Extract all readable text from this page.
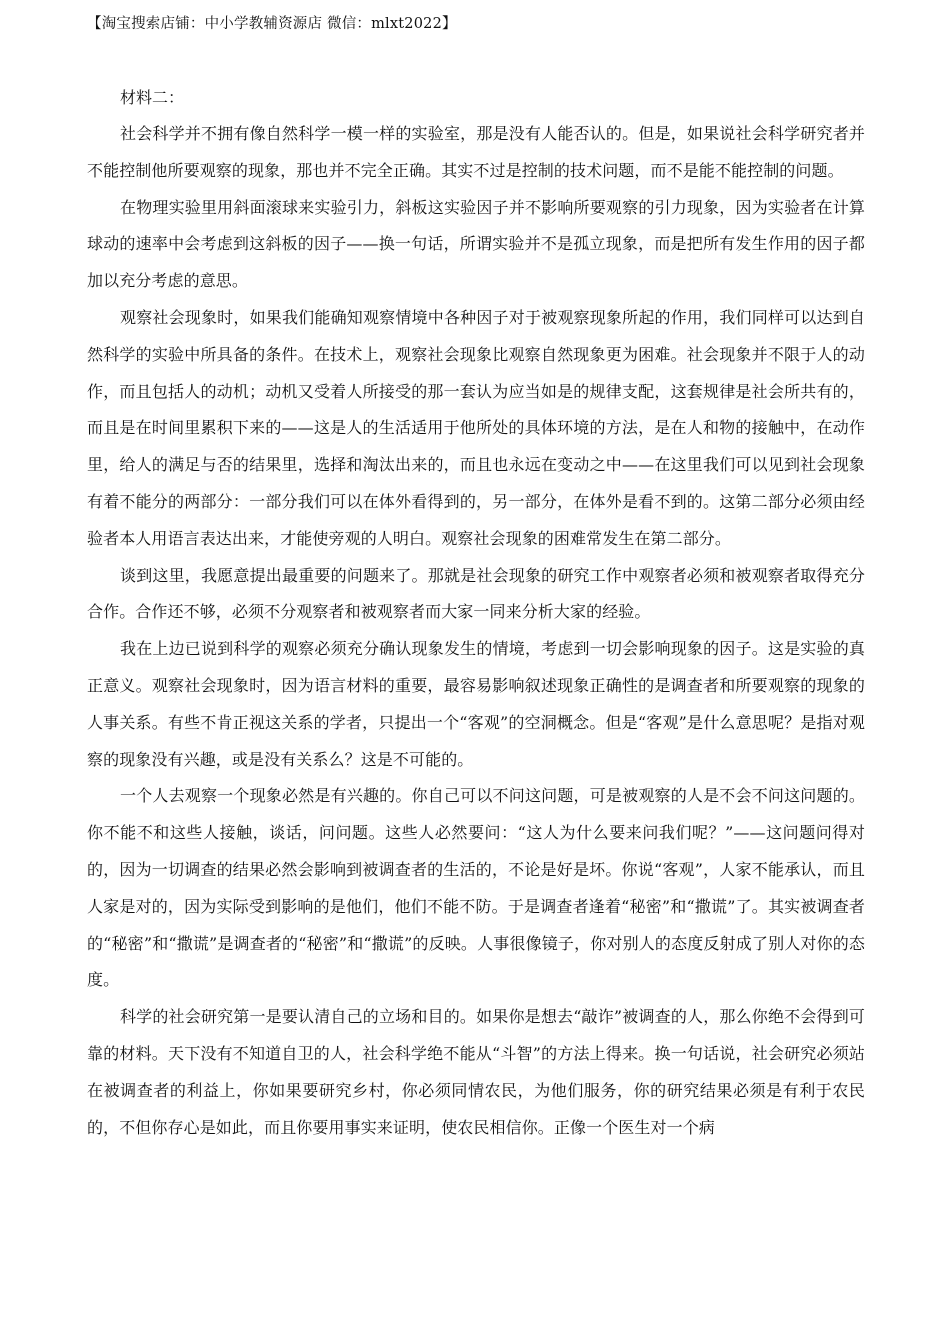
【淘宝搜索店铺：中小学教辅资源店 微信：mlxt2022】

材料二：

社会科学并不拥有像自然科学一模一样的实验室，那是没有人能否认的。但是，如果说社会科学研究者并不能控制他所要观察的现象，那也并不完全正确。其实不过是控制的技术问题，而不是能不能控制的问题。

在物理实验里用斜面滚球来实验引力，斜板这实验因子并不影响所要观察的引力现象，因为实验者在计算球动的速率中会考虑到这斜板的因子——换一句话，所谓实验并不是孤立现象，而是把所有发生作用的因子都加以充分考虑的意思。

观察社会现象时，如果我们能确知观察情境中各种因子对于被观察现象所起的作用，我们同样可以达到自然科学的实验中所具备的条件。在技术上，观察社会现象比观察自然现象更为困难。社会现象并不限于人的动作，而且包括人的动机；动机又受着人所接受的那一套认为应当如是的规律支配，这套规律是社会所共有的，而且是在时间里累积下来的——这是人的生活适用于他所处的具体环境的方法，是在人和物的接触中，在动作里，给人的满足与否的结果里，选择和淘汰出来的，而且也永远在变动之中——在这里我们可以见到社会现象有着不能分的两部分：一部分我们可以在体外看得到的，另一部分，在体外是看不到的。这第二部分必须由经验者本人用语言表达出来，才能使旁观的人明白。观察社会现象的困难常发生在第二部分。

谈到这里，我愿意提出最重要的问题来了。那就是社会现象的研究工作中观察者必须和被观察者取得充分合作。合作还不够，必须不分观察者和被观察者而大家一同来分析大家的经验。

我在上边已说到科学的观察必须充分确认现象发生的情境，考虑到一切会影响现象的因子。这是实验的真正意义。观察社会现象时，因为语言材料的重要，最容易影响叙述现象正确性的是调查者和所要观察的现象的人事关系。有些不肯正视这关系的学者，只提出一个“客观”的空洞概念。但是“客观”是什么意思呢？是指对观察的现象没有兴趣，或是没有关系么？这是不可能的。

一个人去观察一个现象必然是有兴趣的。你自己可以不问这问题，可是被观察的人是不会不问这问题的。你不能不和这些人接触，谈话，问问题。这些人必然要问：“这人为什么要来问我们呢？”——这问题问得对的，因为一切调查的结果必然会影响到被调查者的生活的，不论是好是坏。你说“客观”，人家不能承认，而且人家是对的，因为实际受到影响的是他们，他们不能不防。于是调查者逢着“秘密”和“撒谎”了。其实被调查者的“秘密”和“撒谎”是调查者的“秘密”和“撒谎”的反映。人事很像镜子，你对别人的态度反射成了别人对你的态度。

科学的社会研究第一是要认清自己的立场和目的。如果你是想去“敲诈”被调查的人，那么你绝不会得到可靠的材料。天下没有不知道自卫的人，社会科学绝不能从“斗智”的方法上得来。换一句话说，社会研究必须站在被调查者的利益上，你如果要研究乡村，你必须同情农民，为他们服务，你的研究结果必须是有利于农民的，不但你存心是如此，而且你要用事实来证明，使农民相信你。正像一个医生对一个病
